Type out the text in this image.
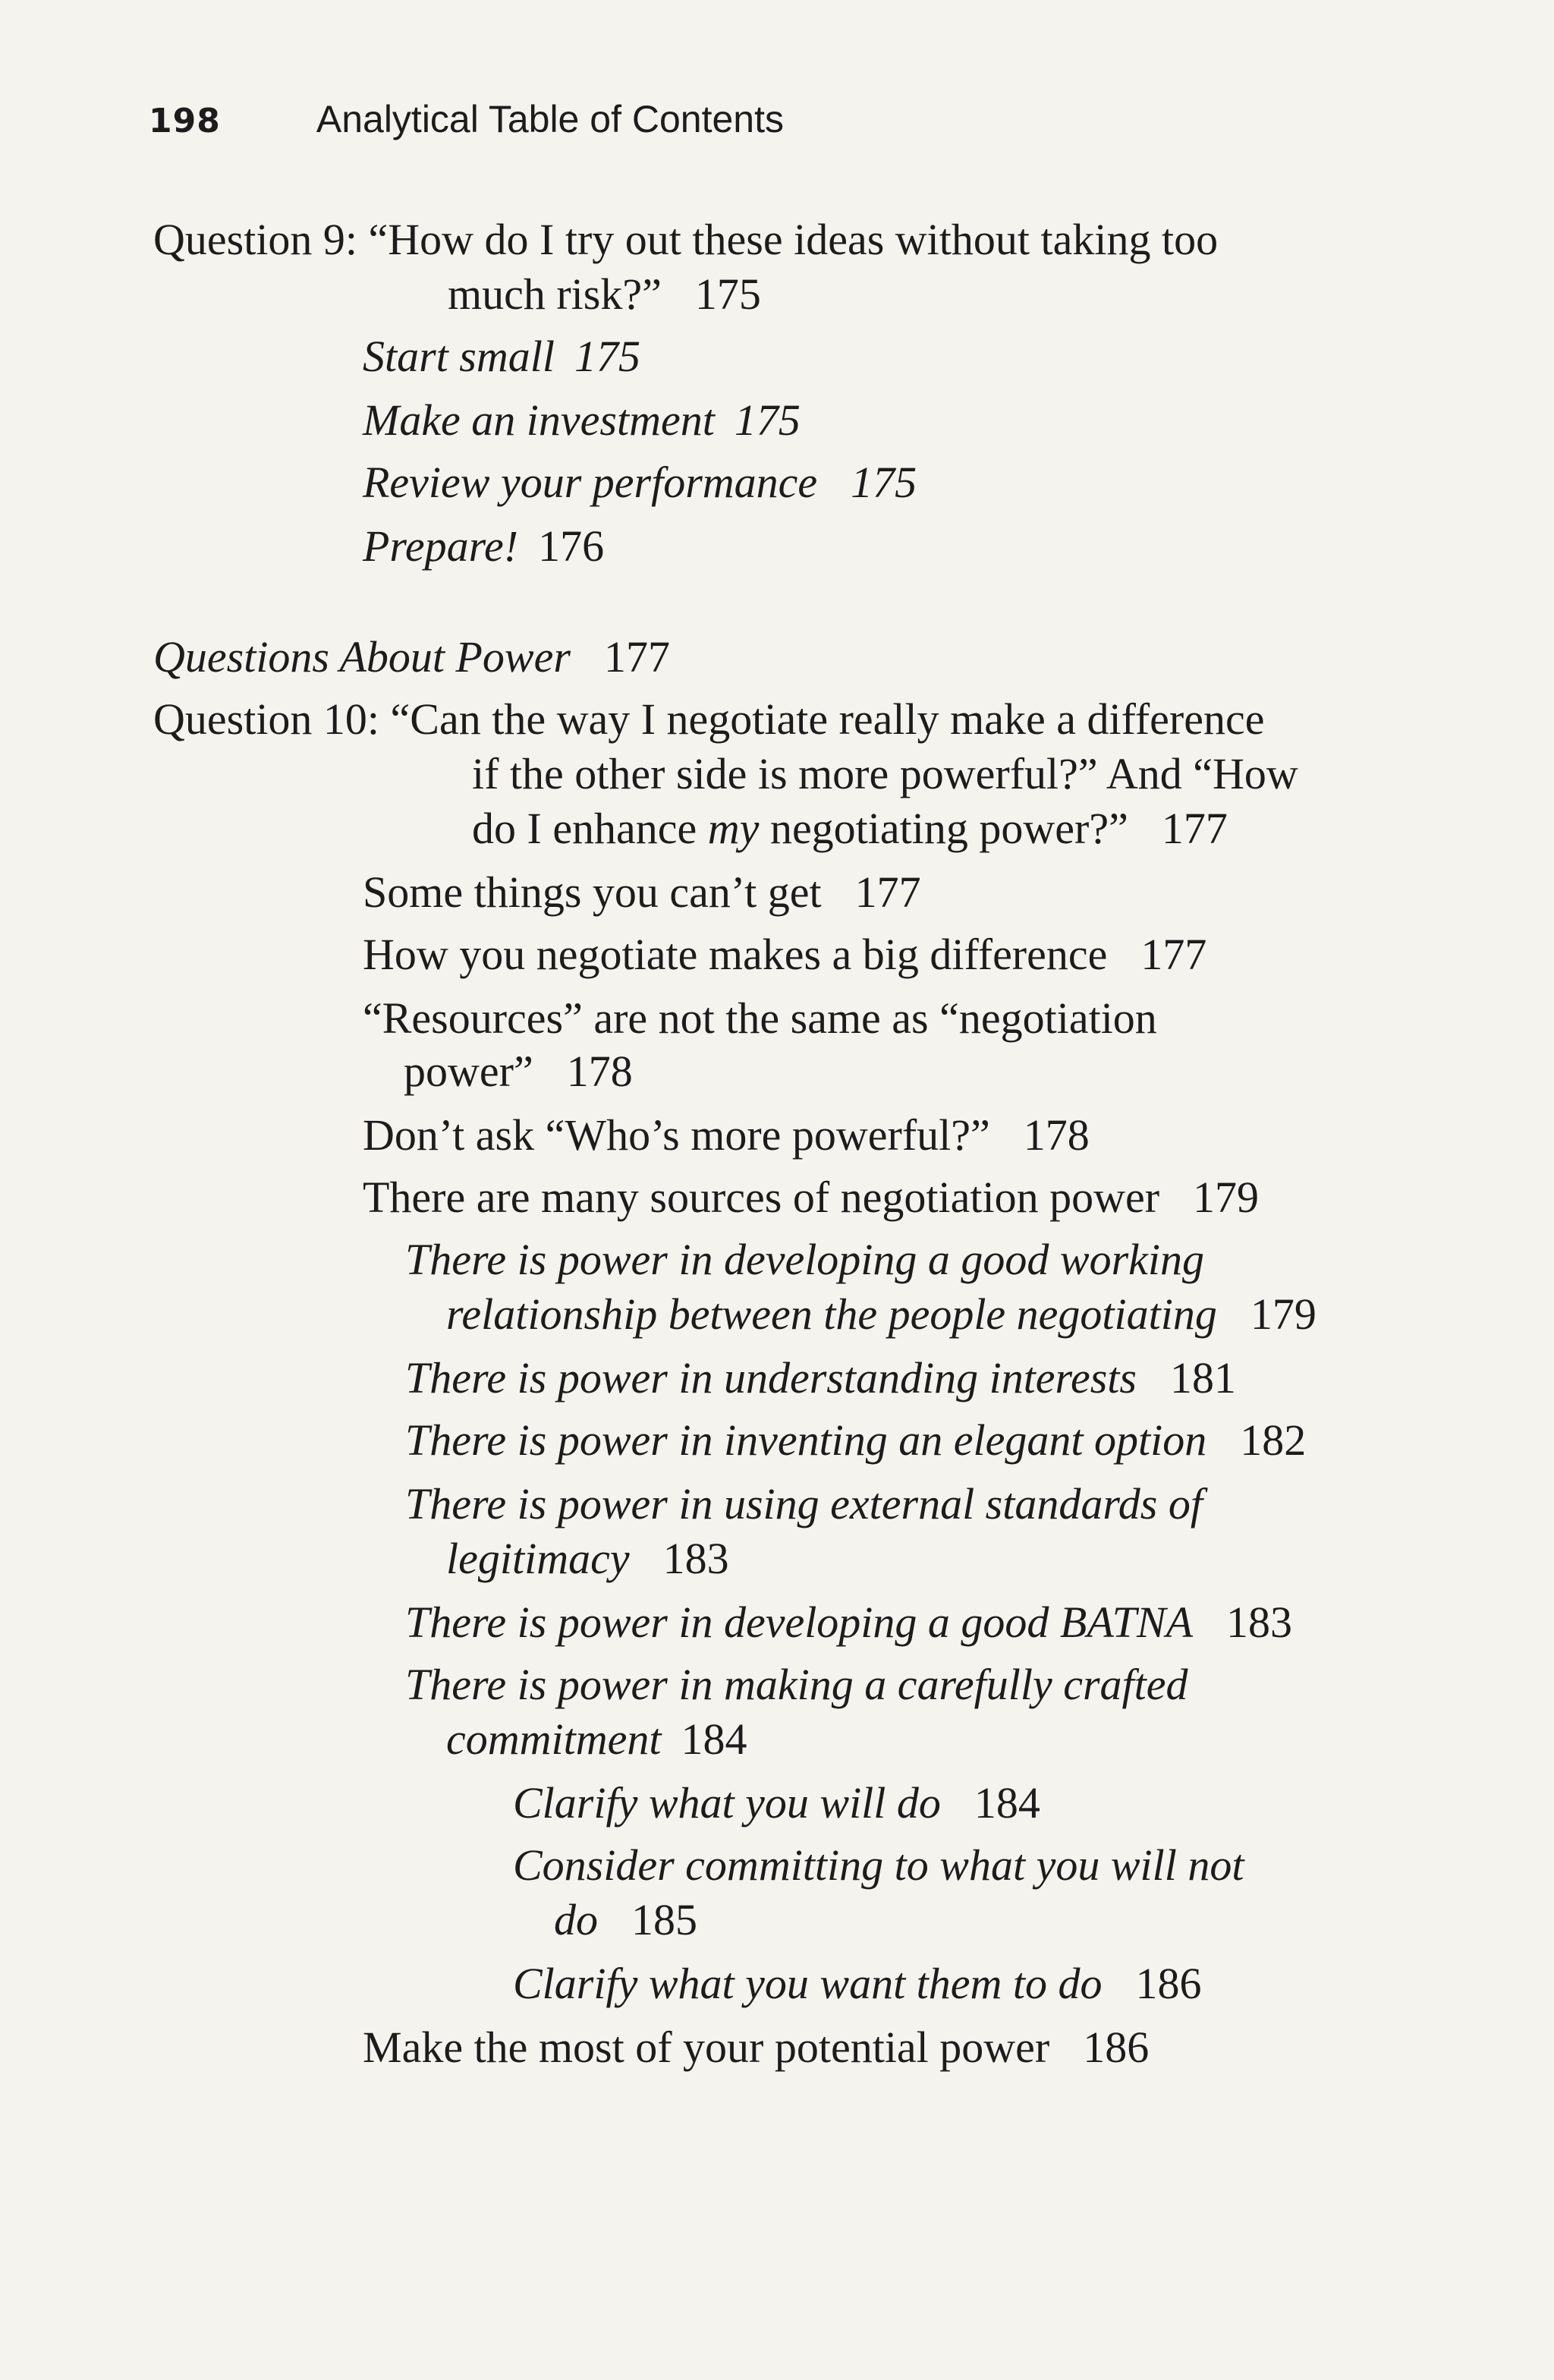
198	Analytical Table of Contents
Question 9: “How do I try out these ideas without taking too
much risk?” 175
Start small 175
Make an investment 175
Review your performance 175
Prepare! 176
Questions About Power 177
Question 10: “Can the way I negotiate really make a difference
if the other side is more powerful?” And “How
do I enhance my negotiating power?” 177
Some things you can’t get 177
How you negotiate makes a big difference 177
“Resources” are not the same as “negotiation
power” 178
Don’t ask “Who’s more powerful?” 178
There are many sources of negotiation power 179
There is power in developing a good working
relationship between the people negotiating 179
There is power in understanding interests 181
There is power in inventing an elegant option 182
There is power in using external standards of
legitimacy 183
There is power in developing a good BATNA 183
There is power in making a carefully crafted
commitment 184
Clarify what you will do 184
Consider committing to what you will not
do 185
Clarify what you want them to do 186
Make the most of your potential power 186
